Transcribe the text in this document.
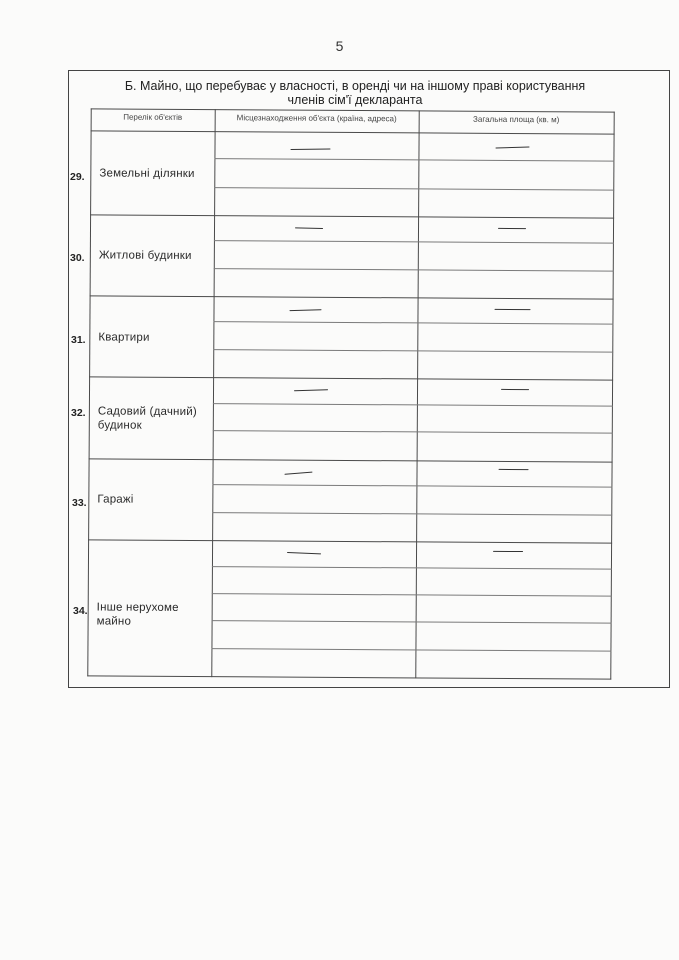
5
Б. Майно, що перебуває у власності, в оренді чи на іншому праві користування
членів сім'ї декларанта
Перелік об'єктів	Місцезнаходження об'єкта (країна, адреса)	Загальна площа (кв. м)
Земельні ділянки
Житлові будинки
Квартири
Садовий (дачний) будинок
Гаражі
Інше нерухоме майно
29.
30.
31.
32.
33.
34.
